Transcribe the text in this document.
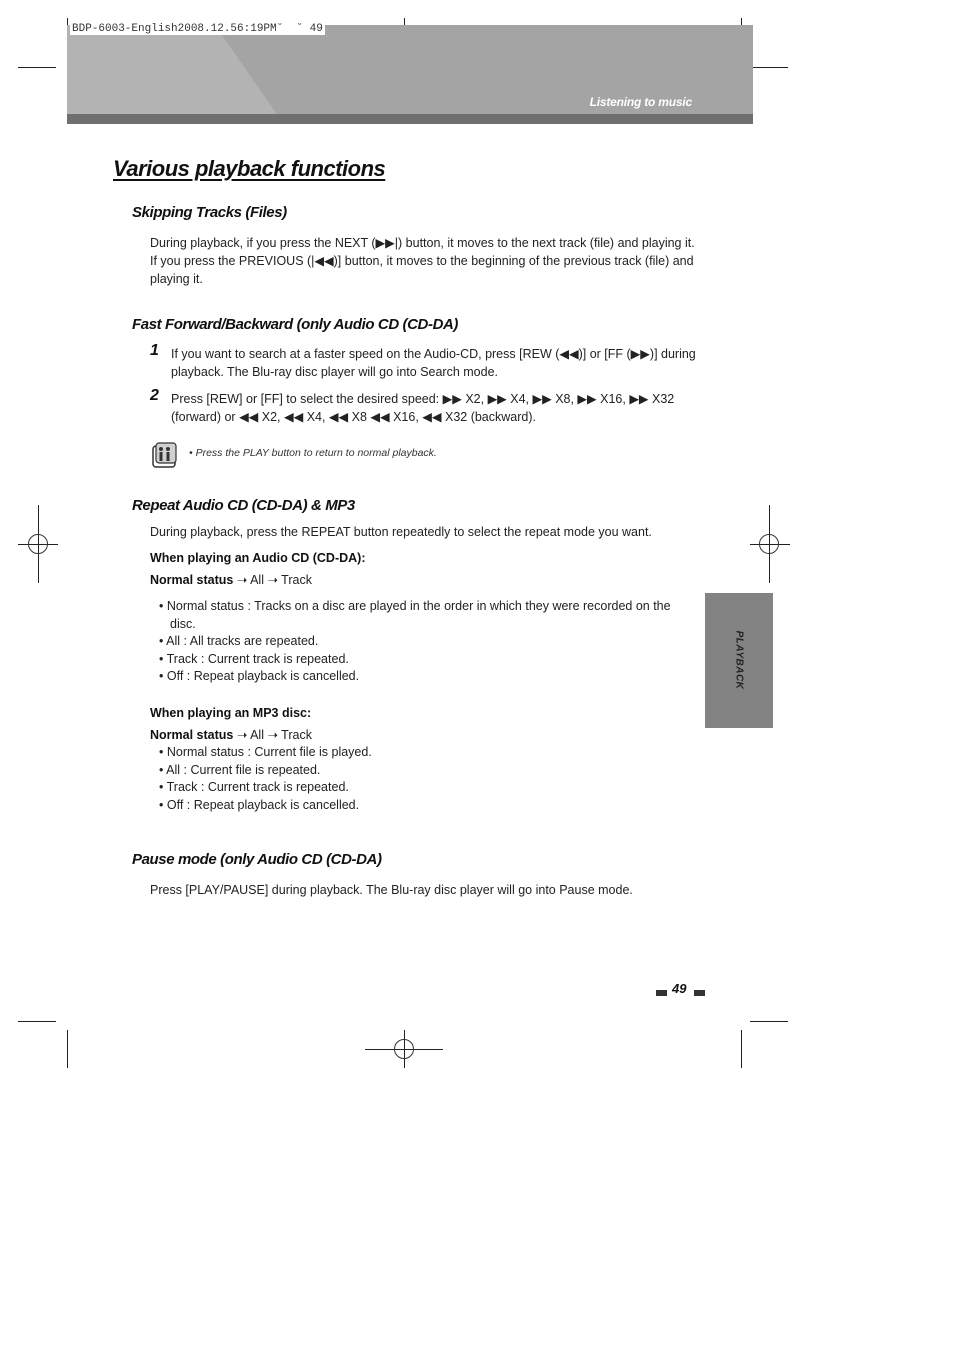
BDP-6003-English2008.12.56:19PM˘  ˘ 49
Listening to music
Various playback functions
Skipping Tracks (Files)

During playback, if you press the NEXT (▶▶|) button, it moves to the next track (file) and playing it. If you press the PREVIOUS (|◀◀)] button, it moves to the beginning of the previous track (file) and playing it.

Fast Forward/Backward (only Audio CD (CD-DA)
1 If you want to search at a faster speed on the Audio-CD, press [REW (◀◀)] or [FF (▶▶)] during playback. The Blu-ray disc player will go into Search mode.

2 Press [REW] or [FF] to select the desired speed: ▶▶ X2, ▶▶ X4, ▶▶ X8, ▶▶ X16, ▶▶ X32 (forward) or ◀◀ X2, ◀◀ X4, ◀◀ X8 ◀◀ X16, ◀◀ X32 (backward).

• Press the PLAY button to return to normal playback.
Repeat Audio CD (CD-DA) & MP3

During playback, press the REPEAT button repeatedly to select the repeat mode you want.

When playing an Audio CD (CD-DA):
Normal status ➝ All ➝ Track
• Normal status : Tracks on a disc are played in the order in which they were recorded on the disc.
• All : All tracks are repeated.
• Track : Current track is repeated.
• Off : Repeat playback is cancelled.
When playing an MP3 disc:
Normal status ➝ All ➝ Track
• Normal status : Current file is played.
• All : Current file is repeated.
• Track : Current track is repeated.
• Off : Repeat playback is cancelled.
Pause mode (only Audio CD (CD-DA)

Press [PLAY/PAUSE] during playback. The Blu-ray disc player will go into Pause mode.

PLAYBACK
49
